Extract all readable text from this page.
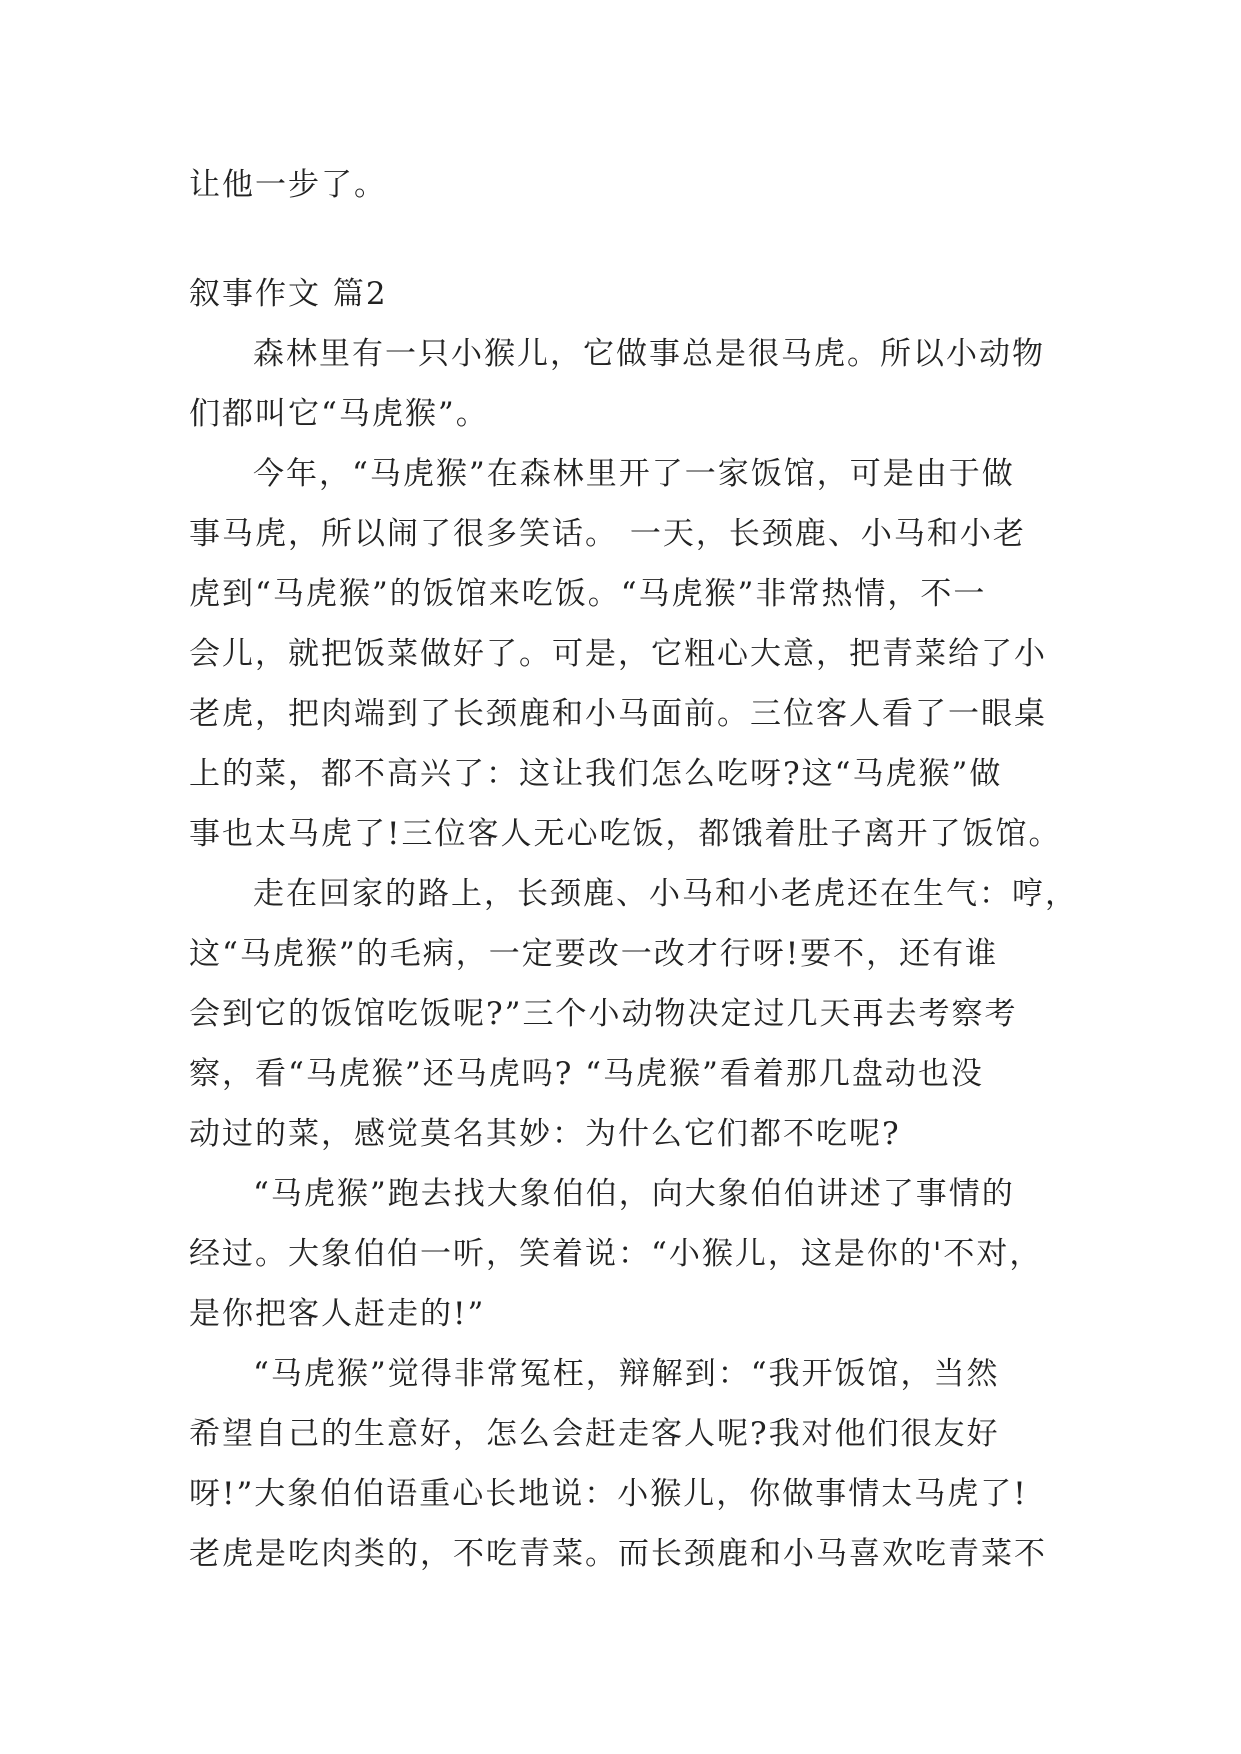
让他一步了。
叙事作文 篇2
森林里有一只小猴儿，它做事总是很马虎。所以小动物
们都叫它“马虎猴”。
今年，“马虎猴”在森林里开了一家饭馆，可是由于做
事马虎，所以闹了很多笑话。 一天，长颈鹿、小马和小老
虎到“马虎猴”的饭馆来吃饭。“马虎猴”非常热情，不一
会儿，就把饭菜做好了。可是，它粗心大意，把青菜给了小
老虎，把肉端到了长颈鹿和小马面前。三位客人看了一眼桌
上的菜，都不高兴了：这让我们怎么吃呀?这“马虎猴”做
事也太马虎了!三位客人无心吃饭，都饿着肚子离开了饭馆。
走在回家的路上，长颈鹿、小马和小老虎还在生气：哼，
这“马虎猴”的毛病，一定要改一改才行呀!要不，还有谁
会到它的饭馆吃饭呢?”三个小动物决定过几天再去考察考
察，看“马虎猴”还马虎吗? “马虎猴”看着那几盘动也没
动过的菜，感觉莫名其妙：为什么它们都不吃呢?
“马虎猴”跑去找大象伯伯，向大象伯伯讲述了事情的
经过。大象伯伯一听，笑着说：“小猴儿，这是你的'不对，
是你把客人赶走的!”
“马虎猴”觉得非常冤枉，辩解到：“我开饭馆，当然
希望自己的生意好，怎么会赶走客人呢?我对他们很友好
呀!”大象伯伯语重心长地说：小猴儿，你做事情太马虎了!
老虎是吃肉类的，不吃青菜。而长颈鹿和小马喜欢吃青菜不
